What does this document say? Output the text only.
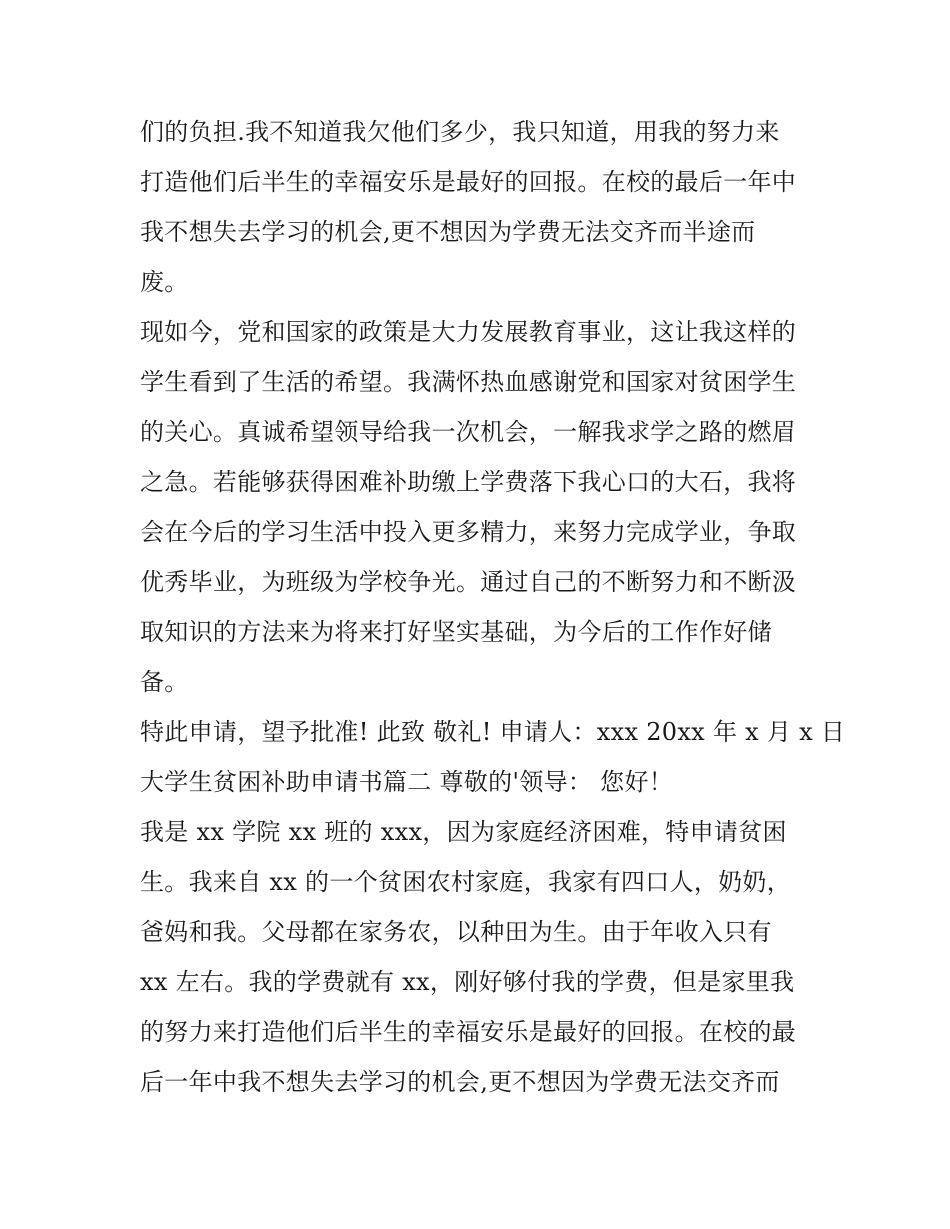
们的负担.我不知道我欠他们多少，我只知道，用我的努力来
打造他们后半生的幸福安乐是最好的回报。在校的最后一年中
我不想失去学习的机会,更不想因为学费无法交齐而半途而
废。
现如今，党和国家的政策是大力发展教育事业，这让我这样的
学生看到了生活的希望。我满怀热血感谢党和国家对贫困学生
的关心。真诚希望领导给我一次机会，一解我求学之路的燃眉
之急。若能够获得困难补助缴上学费落下我心口的大石，我将
会在今后的学习生活中投入更多精力，来努力完成学业，争取
优秀毕业，为班级为学校争光。通过自己的不断努力和不断汲
取知识的方法来为将来打好坚实基础，为今后的工作作好储
备。
特此申请，望予批准! 此致 敬礼! 申请人：xxx 20xx 年 x 月 x 日
大学生贫困补助申请书篇二 尊敬的'领导： 您好！
我是 xx 学院 xx 班的 xxx，因为家庭经济困难，特申请贫困
生。我来自 xx 的一个贫困农村家庭，我家有四口人，奶奶，
爸妈和我。父母都在家务农，以种田为生。由于年收入只有
xx 左右。我的学费就有 xx，刚好够付我的学费，但是家里我
的努力来打造他们后半生的幸福安乐是最好的回报。在校的最
后一年中我不想失去学习的机会,更不想因为学费无法交齐而
